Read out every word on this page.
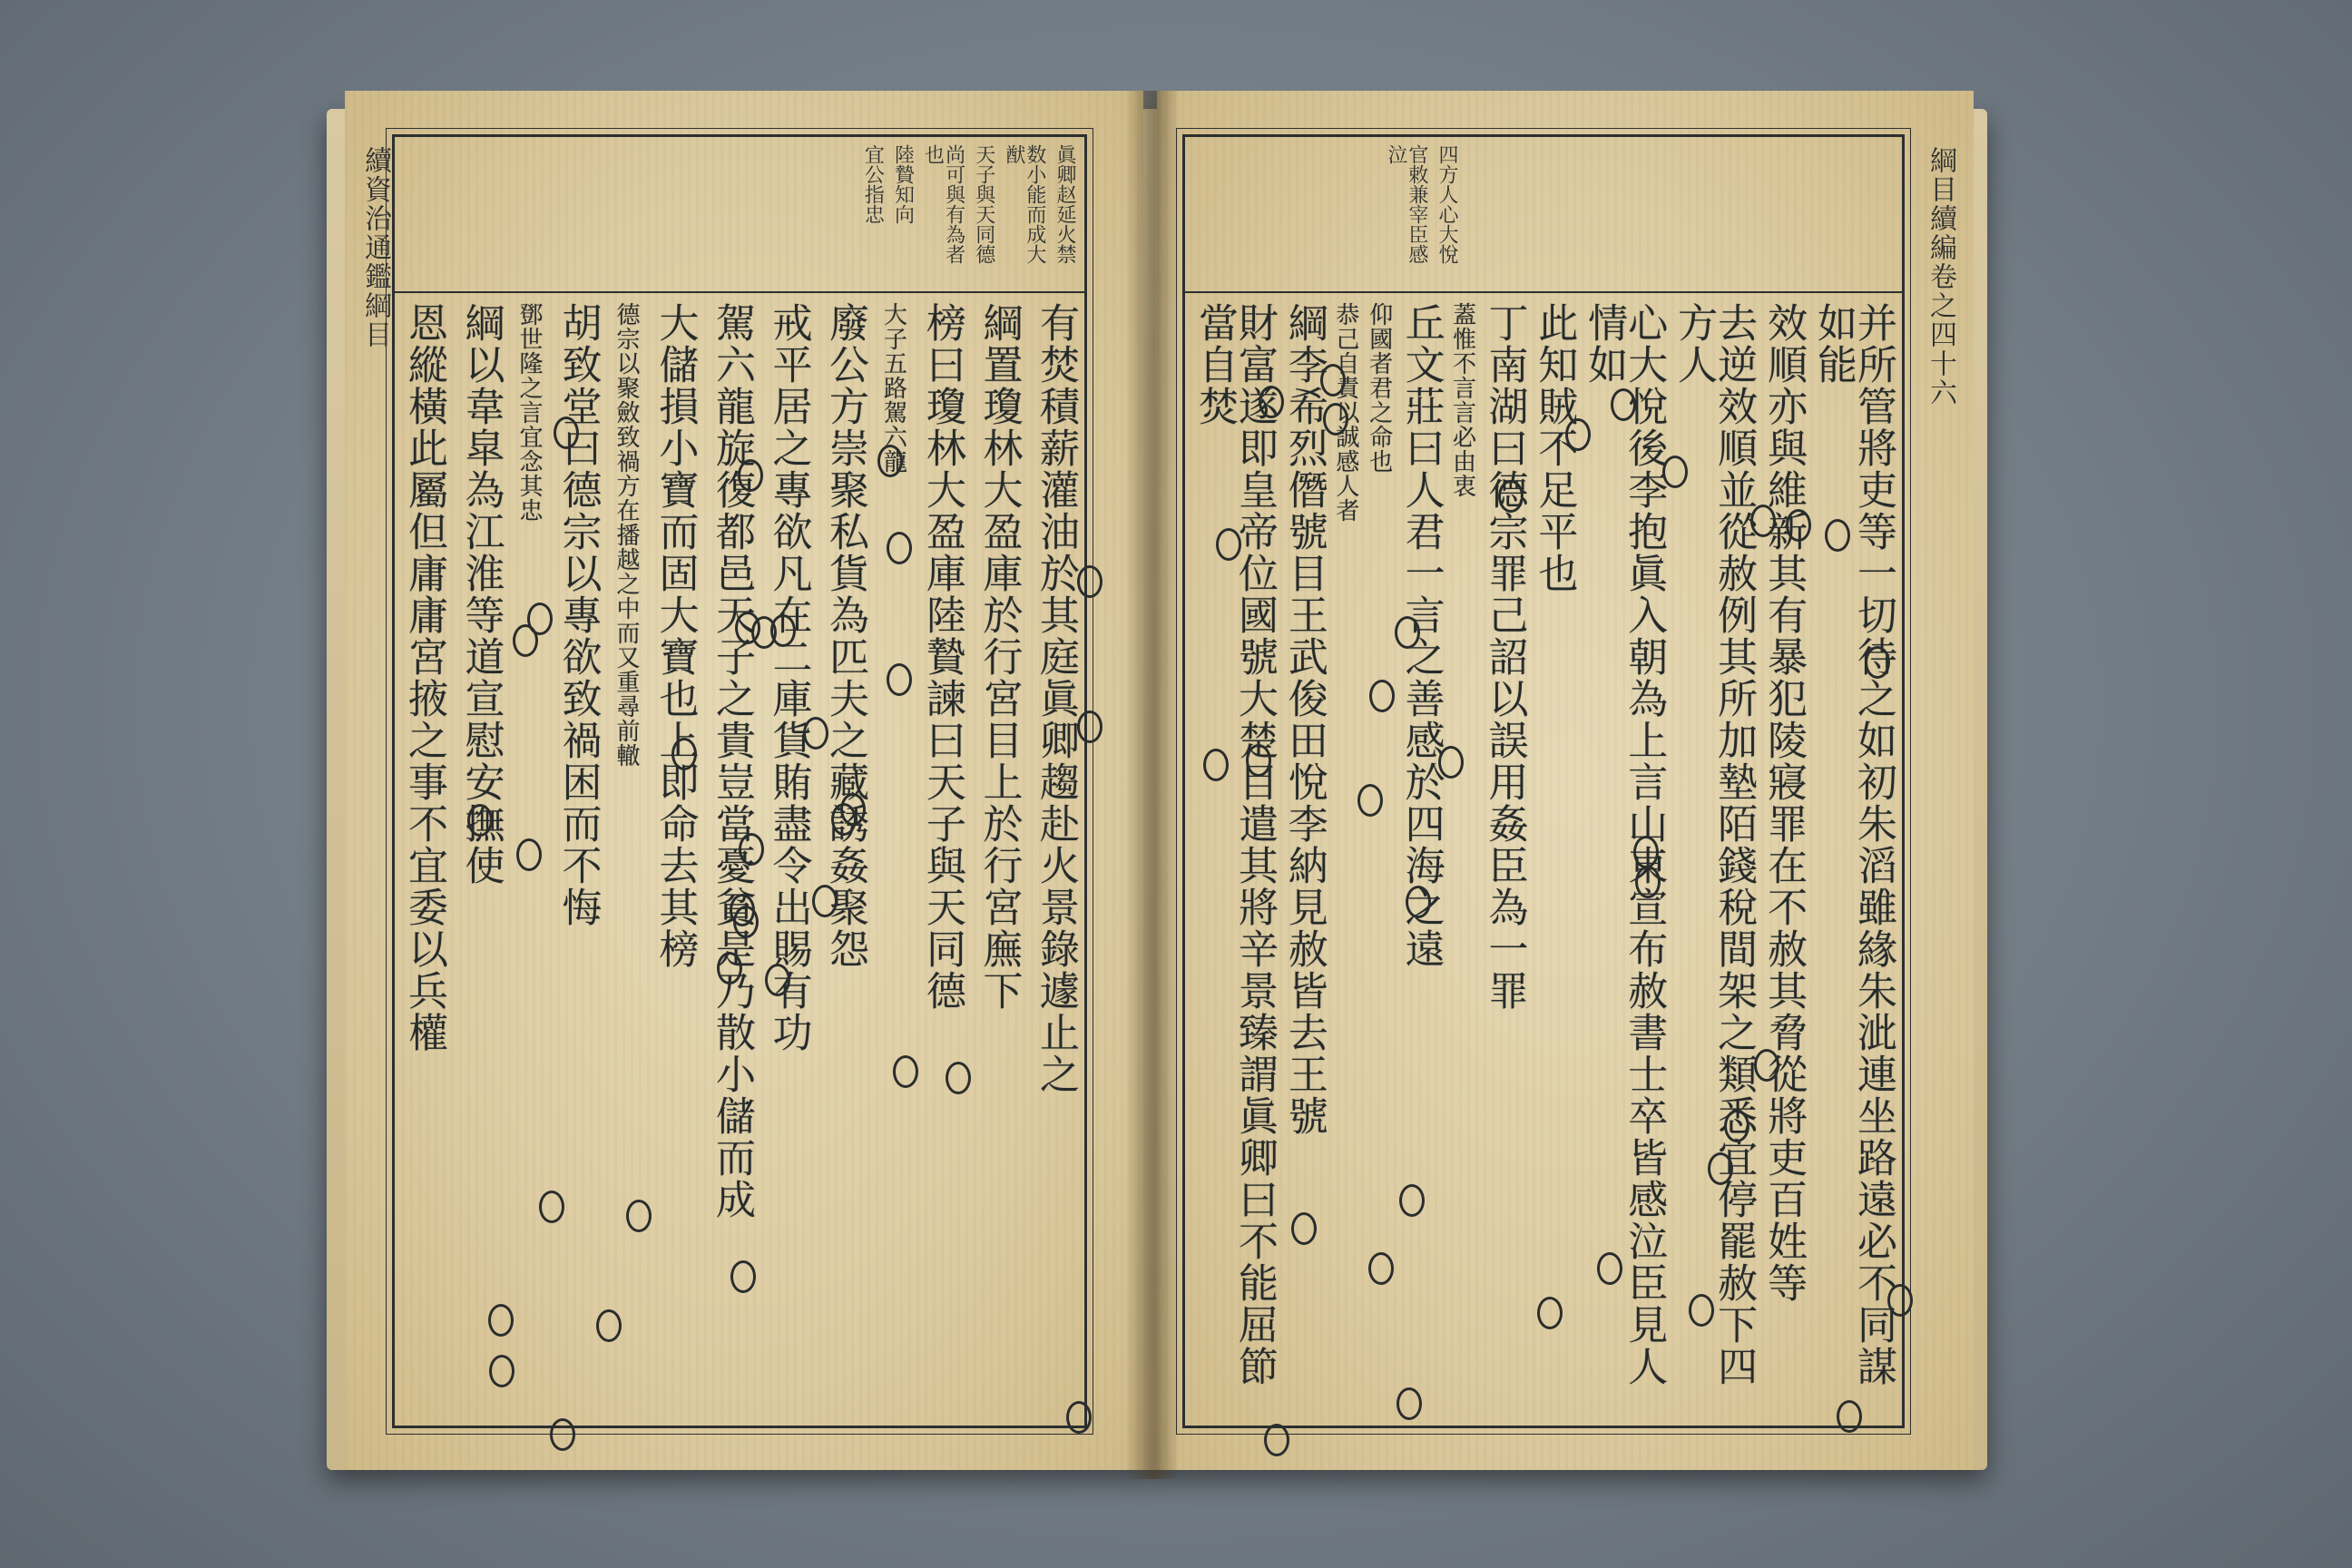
續資治通鑑綱目	眞卿赵延火禁
数小能而成大猷
天子與天同德
尚可與有為者也
陸贄知向
宜公指忠
有焚積薪灌油於其庭眞卿趨赴火景錄遽止之
綱置瓊林大盈庫於行宮目上於行宮廡下
榜曰瓊林大盈庫陸贄諫曰天子與天同德
大子五路駕六龍
廢公方崇聚私貨為匹夫之藏誘姦聚怨
戒平居之專欲凡在二庫貨賄盡令出賜有功
駕六龍旋復都邑天子之貴豈當憂貧是乃散小儲而成
大儲損小寶而固大寶也上即命去其榜
德宗以聚斂致禍方在播越之中而又重尋前轍
胡致堂曰德宗以專欲致禍困而不悔
鄧世隆之言宜念其忠
綱以韋皐為江淮等道宣慰安撫使
恩縱橫此屬但庸庸宮掖之事不宜委以兵權
綱目續編卷之四十六
四方人心大悅
官敕兼宰臣感泣
并所管將吏等一切待之如初朱滔雖緣朱泚連坐路遠必不同謀如能
效順亦與維新其有暴犯陵寢罪在不赦其脅從將吏百姓等
去逆效順並從赦例其所加墊陌錢稅間架之類悉宜停罷赦下四方人
心大悅後李抱眞入朝為上言山東宣布赦書士卒皆感泣臣見人情如
此知賊不足平也
丁南湖曰德宗罪己詔以誤用姦臣為一罪
蓋惟不言言必由衷
丘文莊曰人君一言之善感於四海之遠
仰國者君之命也
恭己自責以誠感人者
綱李希烈僭號目王武俊田悅李納見赦皆去王號
財富遂即皇帝位國號大楚目遣其將辛景臻謂眞卿曰不能屈節當自焚
